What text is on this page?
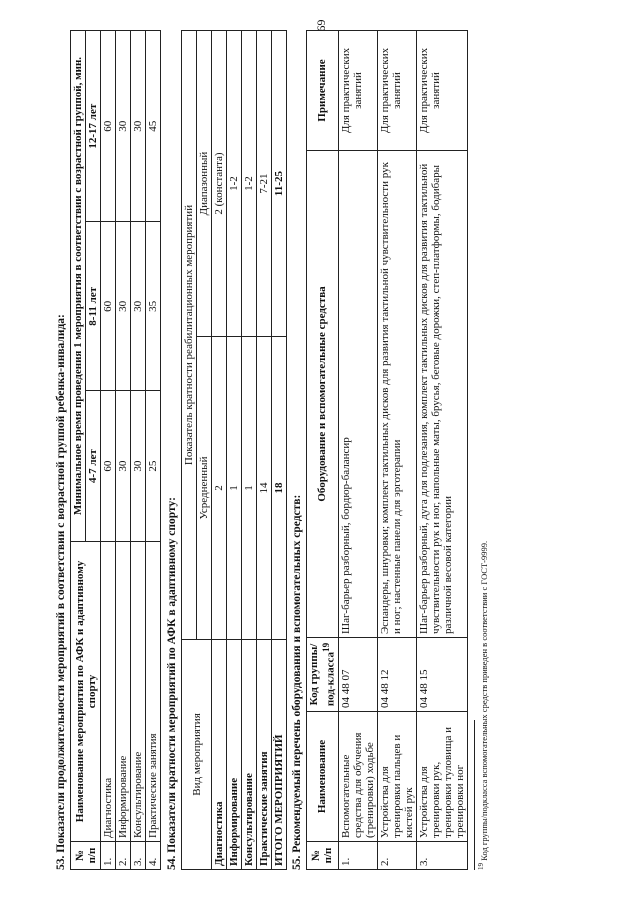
69
53. Показатели продолжительности мероприятий в соответствии с возрастной группой ребенка-инвалида: № п/п	Наименование мероприятия по АФК и адаптивному спорту	Минимальное время проведения 1 мероприятия в соответствии с возрастной группой, мин.		
		4-7 лет	8-11 лет	12-17 лет
1.	Диагностика	60	60	60
2.	Информирование	30	30	30
3.	Консультирование	30	30	30
4.	Практические занятия	25	35	45
54. Показатели кратности мероприятий по АФК в адаптивному спорту: Вид мероприятия	Показатель кратности реабилитационных мероприятий	
	Усредненный	Диапазонный
Диагностика	2	2 (константа)
Информирование	1	1-2
Консультирование	1	1-2
Практические занятия	14	7-21
ИТОГО МЕРОПРИЯТИЙ	18	11-25
55. Рекомендуемый перечень оборудования и вспомогательных средств: № п/п	Наименование	Код группы/под-класса$^{19}$	Оборудование и вспомогательные средства	Примечание
1.	Вспомогательные средства для обучения (тренировки) ходьбе	04 48 07	Шаг-барьер разборный, бордюр-балансир	Для практических занятий
2.	Устройства для тренировки пальцев и кистей рук	04 48 12	Эспандеры, шнуровки; комплект тактильных дисков для развития тактильной чувствительности рук и ног; настенные панели для эрготерапии	Для практических занятий
3.	Устройства для тренировки рук, тренировки туловища и тренировки ног	04 48 15	Шаг-барьер разборный, дуга для подлезания, комплект тактильных дисков для развития тактильной чувствительности рук и ног, напольные маты, брусья, беговые дорожки, степ-платформы, бодибары различной весовой категории	Для практических занятий
$^{19}$ Код группы/подкласса вспомогательных средств приведен в соответствии с ГОСТ-9999.
